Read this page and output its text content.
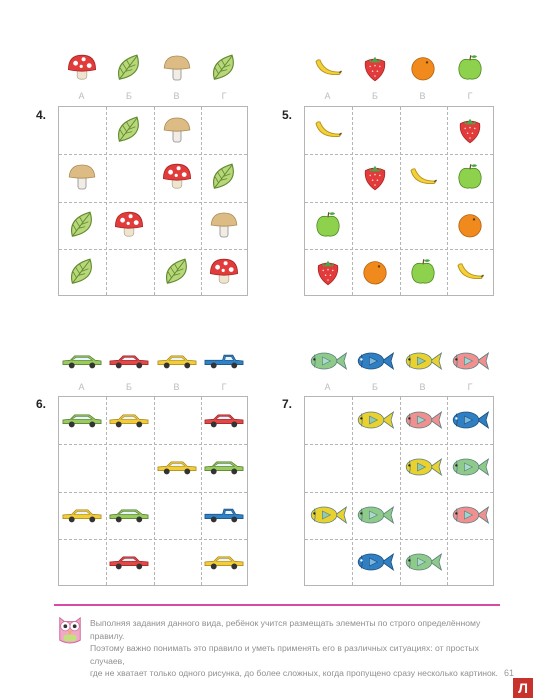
А	Б	В	Г
4.
А	Б	В	Г
5.
А	Б	В	Г
6.
А	Б	В	Г
7.

Выполняя задания данного вида, ребёнок учится размещать элементы по строго определённому правилу.

Поэтому важно понимать это правило и уметь применять его в различных ситуациях: от простых случаев,

где не хватает только одного рисунка, до более сложных, когда пропущено сразу несколько картинок. 61
Л
